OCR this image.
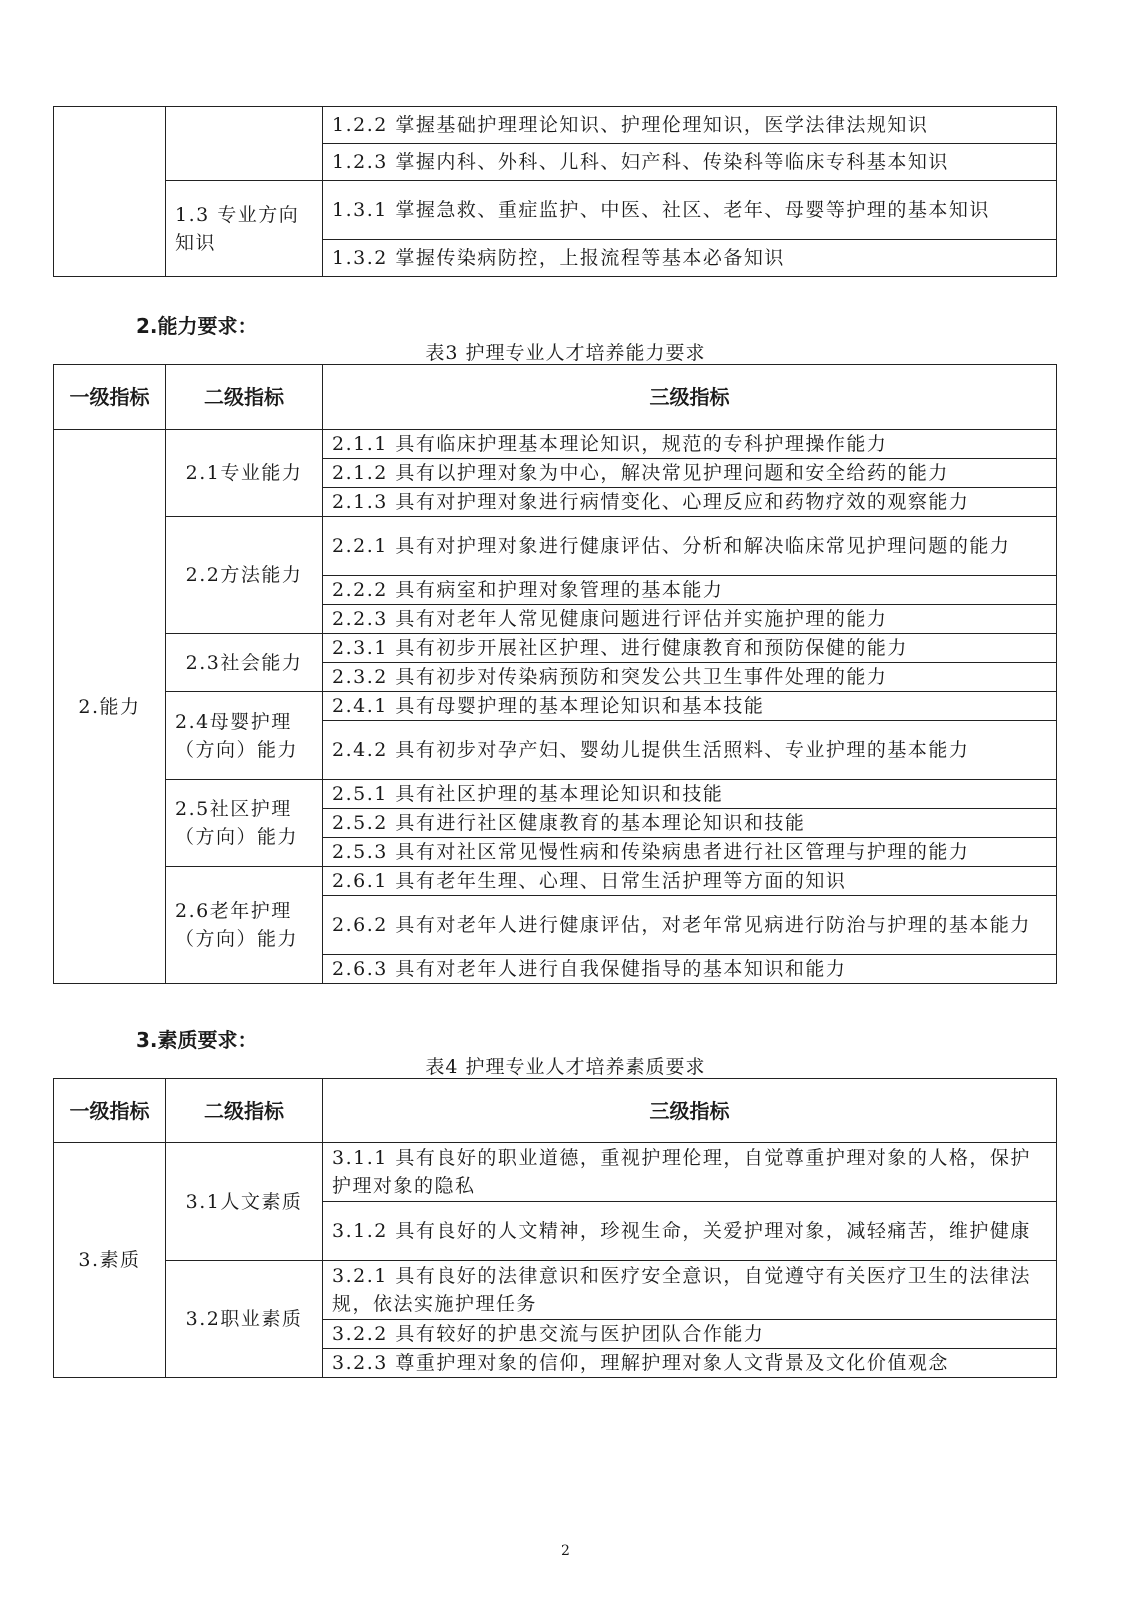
		1.2.2 掌握基础护理理论知识、护理伦理知识，医学法律法规知识
		1.2.3 掌握内科、外科、儿科、妇产科、传染科等临床专科基本知识
	1.3 专业方向知识	1.3.1 掌握急救、重症监护、中医、社区、老年、母婴等护理的基本知识
		1.3.2 掌握传染病防控，上报流程等基本必备知识
2.能力要求：
表3 护理专业人才培养能力要求
一级指标	二级指标	三级指标
2.能力	2.1专业能力	2.1.1 具有临床护理基本理论知识，规范的专科护理操作能力
		2.1.2 具有以护理对象为中心，解决常见护理问题和安全给药的能力
		2.1.3 具有对护理对象进行病情变化、心理反应和药物疗效的观察能力
	2.2方法能力	2.2.1 具有对护理对象进行健康评估、分析和解决临床常见护理问题的能力
		2.2.2 具有病室和护理对象管理的基本能力
		2.2.3 具有对老年人常见健康问题进行评估并实施护理的能力
	2.3社会能力	2.3.1 具有初步开展社区护理、进行健康教育和预防保健的能力
		2.3.2 具有初步对传染病预防和突发公共卫生事件处理的能力
	2.4母婴护理（方向）能力	2.4.1 具有母婴护理的基本理论知识和基本技能
		2.4.2 具有初步对孕产妇、婴幼儿提供生活照料、专业护理的基本能力
	2.5社区护理（方向）能力	2.5.1 具有社区护理的基本理论知识和技能
		2.5.2 具有进行社区健康教育的基本理论知识和技能
		2.5.3 具有对社区常见慢性病和传染病患者进行社区管理与护理的能力
	2.6老年护理（方向）能力	2.6.1 具有老年生理、心理、日常生活护理等方面的知识
		2.6.2 具有对老年人进行健康评估，对老年常见病进行防治与护理的基本能力
		2.6.3 具有对老年人进行自我保健指导的基本知识和能力
3.素质要求：
表4 护理专业人才培养素质要求
一级指标	二级指标	三级指标
3.素质	3.1人文素质	3.1.1 具有良好的职业道德，重视护理伦理，自觉尊重护理对象的人格，保护护理对象的隐私
		3.1.2 具有良好的人文精神，珍视生命，关爱护理对象，减轻痛苦，维护健康
	3.2职业素质	3.2.1 具有良好的法律意识和医疗安全意识，自觉遵守有关医疗卫生的法律法规，依法实施护理任务
		3.2.2 具有较好的护患交流与医护团队合作能力
		3.2.3 尊重护理对象的信仰，理解护理对象人文背景及文化价值观念
2
